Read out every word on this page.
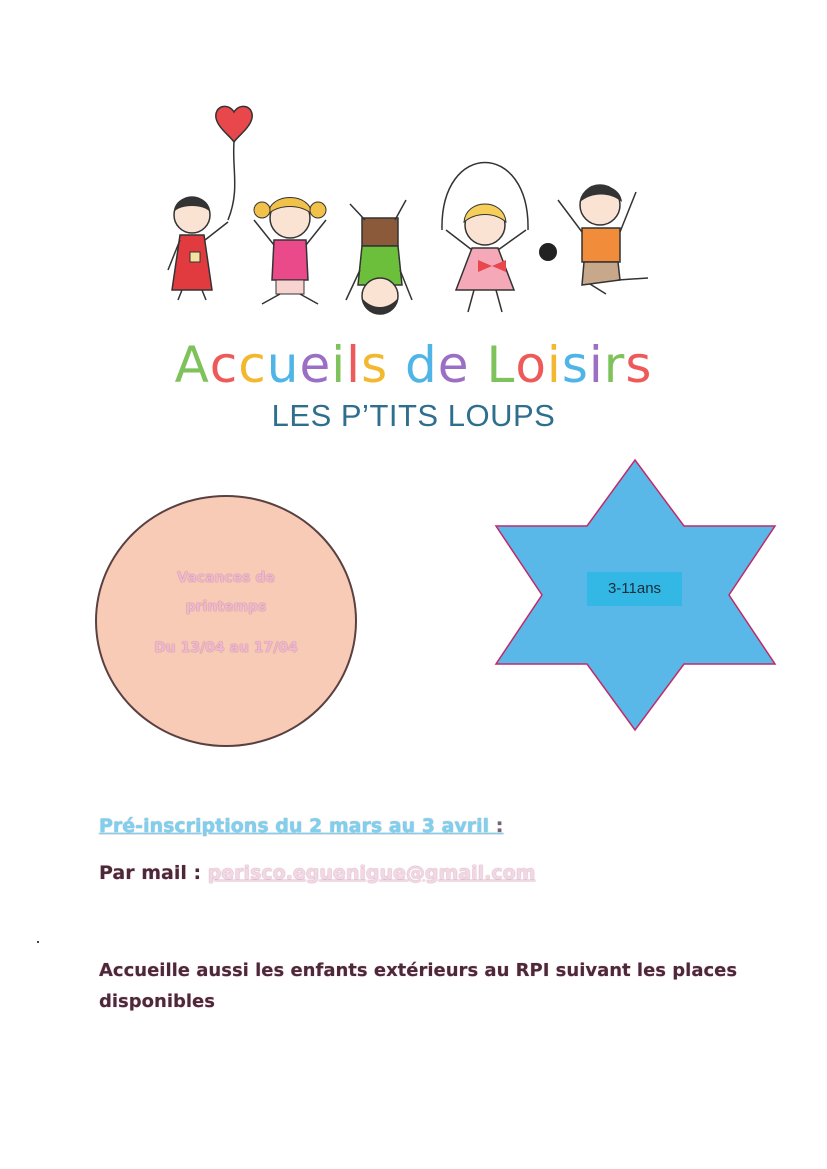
Accueils de Loisirs
LES P’TITS LOUPS
Vacances de
printemps
Du 13/04 au 17/04
3-11ans
Pré-inscriptions du 2 mars au 3 avril :
Par mail : perisco.eguenigue@gmail.com
Accueille aussi les enfants extérieurs au RPI suivant les places disponibles
